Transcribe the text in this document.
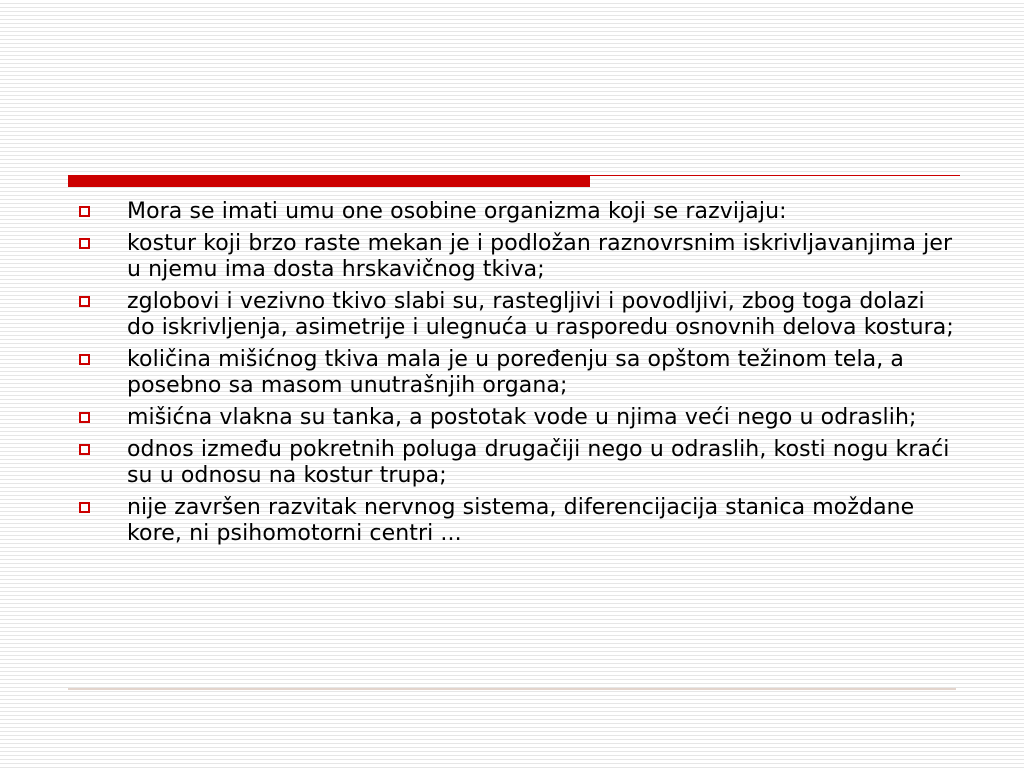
Mora se imati umu one osobine organizma koji se razvijaju:
kostur koji brzo raste mekan je i podložan raznovrsnim iskrivljavanjima jer u njemu ima dosta hrskavičnog tkiva;
zglobovi i vezivno tkivo slabi su, rastegljivi i povodljivi, zbog toga dolazi do iskrivljenja, asimetrije i ulegnuća u rasporedu osnovnih delova kostura;
količina mišićnog tkiva mala je u poređenju sa opštom težinom tela, a posebno sa masom unutrašnjih organa;
mišićna vlakna su tanka, a postotak vode u njima veći nego u odraslih;
odnos između pokretnih poluga drugačiji nego u odraslih, kosti nogu kraći su u odnosu na kostur trupa;
nije završen razvitak nervnog sistema, diferencijacija stanica moždane kore, ni psihomotorni centri ...
